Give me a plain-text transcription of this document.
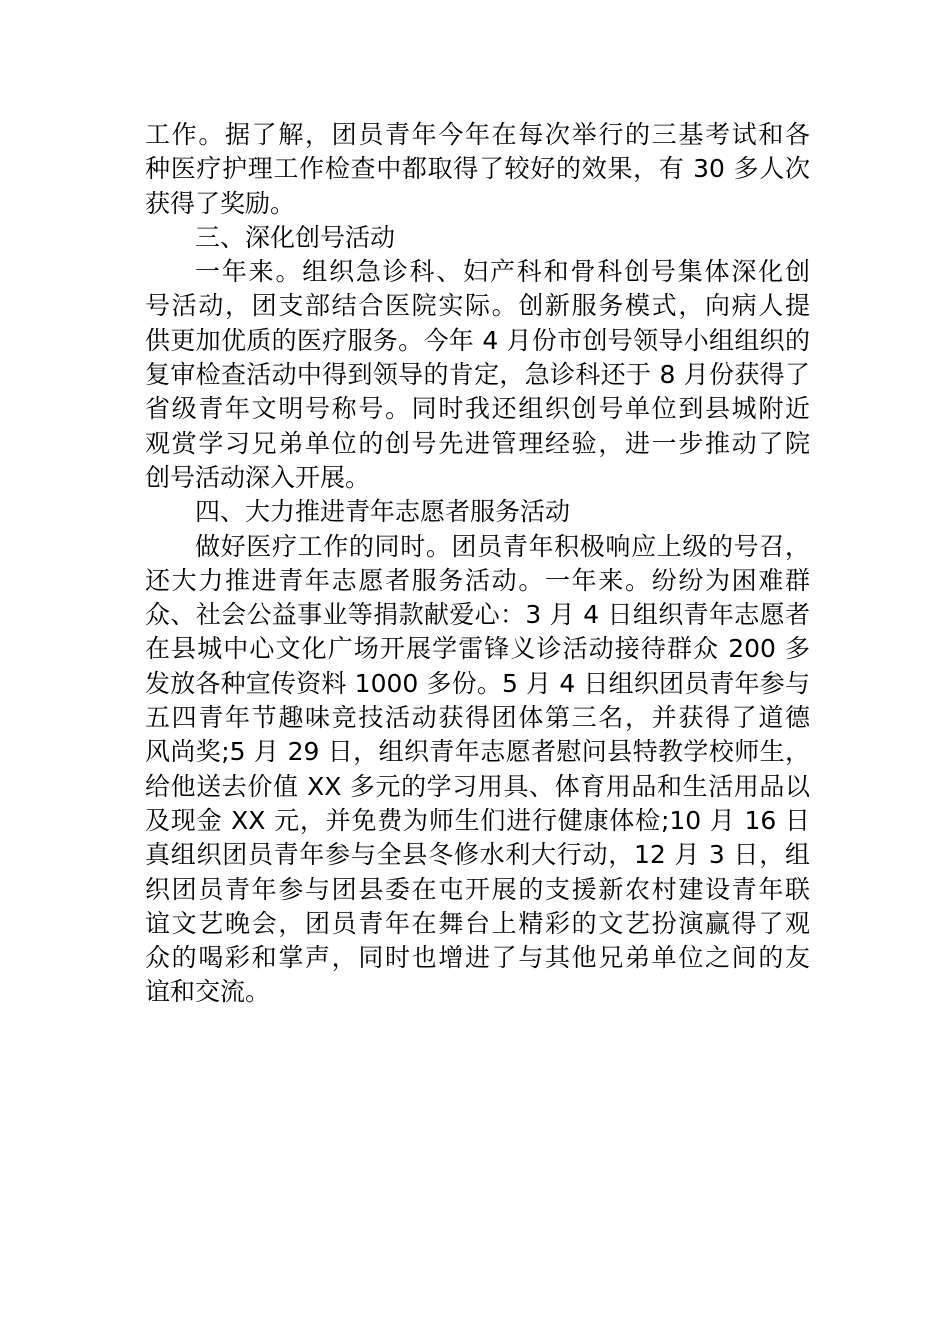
工作。据了解，团员青年今年在每次举行的三基考试和各
种医疗护理工作检查中都取得了较好的效果，有 30 多人次
获得了奖励。
三、深化创号活动
一年来。组织急诊科、妇产科和骨科创号集体深化创
号活动，团支部结合医院实际。创新服务模式，向病人提
供更加优质的医疗服务。今年 4 月份市创号领导小组组织的
复审检查活动中得到领导的肯定，急诊科还于 8 月份获得了
省级青年文明号称号。同时我还组织创号单位到县城附近
观赏学习兄弟单位的创号先进管理经验，进一步推动了院
创号活动深入开展。
四、大力推进青年志愿者服务活动
做好医疗工作的同时。团员青年积极响应上级的号召，
还大力推进青年志愿者服务活动。一年来。纷纷为困难群
众、社会公益事业等捐款献爱心：3 月 4 日组织青年志愿者
在县城中心文化广场开展学雷锋义诊活动接待群众 200 多
发放各种宣传资料 1000 多份。5 月 4 日组织团员青年参与
五四青年节趣味竞技活动获得团体第三名，并获得了道德
风尚奖;5 月 29 日，组织青年志愿者慰问县特教学校师生，
给他送去价值 XX 多元的学习用具、体育用品和生活用品以
及现金 XX 元，并免费为师生们进行健康体检;10 月 16 日
真组织团员青年参与全县冬修水利大行动，12 月 3 日，组
织团员青年参与团县委在屯开展的支援新农村建设青年联
谊文艺晚会，团员青年在舞台上精彩的文艺扮演赢得了观
众的喝彩和掌声，同时也增进了与其他兄弟单位之间的友
谊和交流。
